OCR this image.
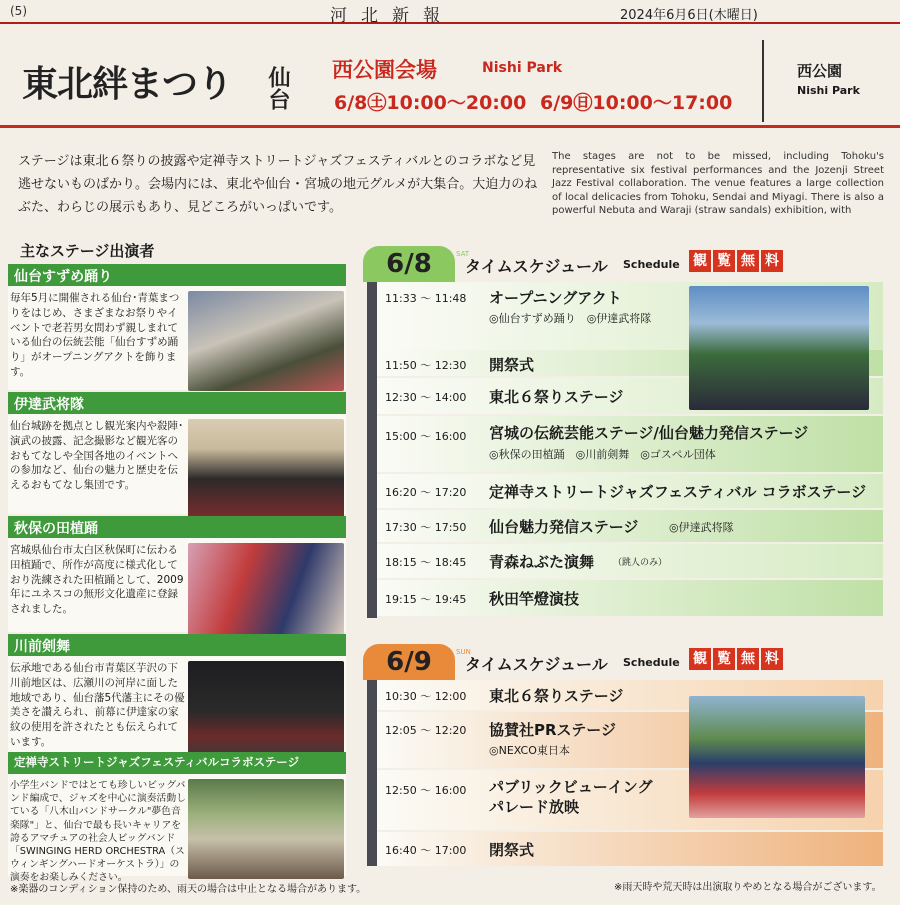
(5)	河北新報	2024年6月6日(木曜日)
東北絆まつり 仙台 西公園会場	Nishi Park
6/8㊏10:00～20:00 6/9㊐10:00～17:00
西公園
Nishi Park

ステージは東北６祭りの披露や定禅寺ストリートジャズフェスティバルとのコラボなど見逃せないものばかり。会場内には、東北や仙台・宮城の地元グルメが大集合。大迫力のねぶた、わらじの展示もあり、見どころがいっぱいです。

The stages are not to be missed, including Tohoku's representative six festival performances and the Jozenji Street Jazz Festival collaboration. The venue features a large collection of local delicacies from Tohoku, Sendai and Miyagi. There is also a powerful Nebuta and Waraji (straw sandals) exhibition, with

主なステージ出演者
仙台すずめ踊り
毎年5月に開催される仙台･青葉まつりをはじめ、さまざまなお祭りやイベントで老若男女問わず親しまれている仙台の伝統芸能「仙台すずめ踊り」がオープニングアクトを飾ります。
伊達武将隊
仙台城跡を拠点とし観光案内や殺陣･演武の披露、記念撮影など観光客のおもてなしや全国各地のイベントへの参加など、仙台の魅力と歴史を伝えるおもてなし集団です。
秋保の田植踊
宮城県仙台市太白区秋保町に伝わる田植踊で、所作が高度に様式化しており洗練された田植踊として、2009年にユネスコの無形文化遺産に登録されました。
川前剣舞
伝承地である仙台市青葉区芋沢の下川前地区は、広瀬川の河岸に面した地域であり、仙台藩5代藩主にその優美さを讃えられ、前幕に伊達家の家紋の使用を許されたとも伝えられています。
定禅寺ストリートジャズフェスティバルコラボステージ
小学生バンドではとても珍しいビッグバンド編成で、ジャズを中心に演奏活動している「八木山バンドサークル"夢色音楽隊"」と、仙台で最も長いキャリアを誇るアマチュアの社会人ビッグバンド「SWINGING HERD ORCHESTRA（スウィンギングハードオーケストラ）」の演奏をお楽しみください。
※楽器のコンディション保持のため、雨天の場合は中止となる場合があります。
6/8	SAT
タイムスケジュール Schedule 観 覧 無 料
11:33 ～ 11:48 オープニングアクト
◎仙台すずめ踊り　◎伊達武将隊
11:50 ～ 12:30 開祭式
12:30 ～ 14:00 東北６祭りステージ
15:00 ～ 16:00 宮城の伝統芸能ステージ/仙台魅力発信ステージ
◎秋保の田植踊　◎川前剣舞　◎ゴスペル団体
16:20 ～ 17:20 定禅寺ストリートジャズフェスティバル コラボステージ
17:30 ～ 17:50 仙台魅力発信ステージ	◎伊達武将隊
18:15 ～ 18:45 青森ねぶた演舞 （跳人のみ）
19:15 ～ 19:45 秋田竿燈演技
6/9	SUN
タイムスケジュール Schedule 観 覧 無 料
10:30 ～ 12:00 東北６祭りステージ
12:05 ～ 12:20 協賛社PRステージ
◎NEXCO東日本
12:50 ～ 16:00 パブリックビューイング
パレード放映
16:40 ～ 17:00 閉祭式
※雨天時や荒天時は出演取りやめとなる場合がございます。
